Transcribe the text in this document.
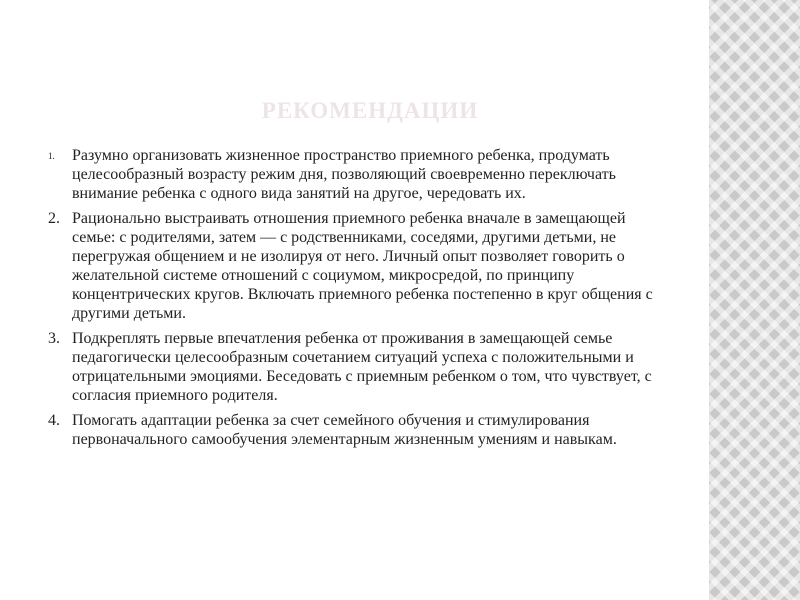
РЕКОМЕНДАЦИИ
1. Разумно организовать жизненное пространство приемного ребенка, продумать целесообразный возрасту режим дня, позволяющий своевременно переключать внимание ребенка с одного вида занятий на другое, чередовать их.
2. Рационально выстраивать отношения приемного ребенка вначале в замещающей семье: с родителями, затем — с родственниками, соседями, другими детьми, не перегружая общением и не изолируя от него. Личный опыт позволяет говорить о желательной системе отношений с социумом, микросредой, по принципу концентрических кругов. Включать приемного ребенка постепенно в круг общения с другими детьми.
3. Подкреплять первые впечатления ребенка от проживания в замещающей семье педагогически целесообразным сочетанием ситуаций успеха с положительными и отрицательными эмоциями. Беседовать с приемным ребенком о том, что чувствует, с согласия приемного родителя.
4. Помогать адаптации ребенка за счет семейного обучения и стимулирования первоначального самообучения элементарным жизненным умениям и навыкам.
